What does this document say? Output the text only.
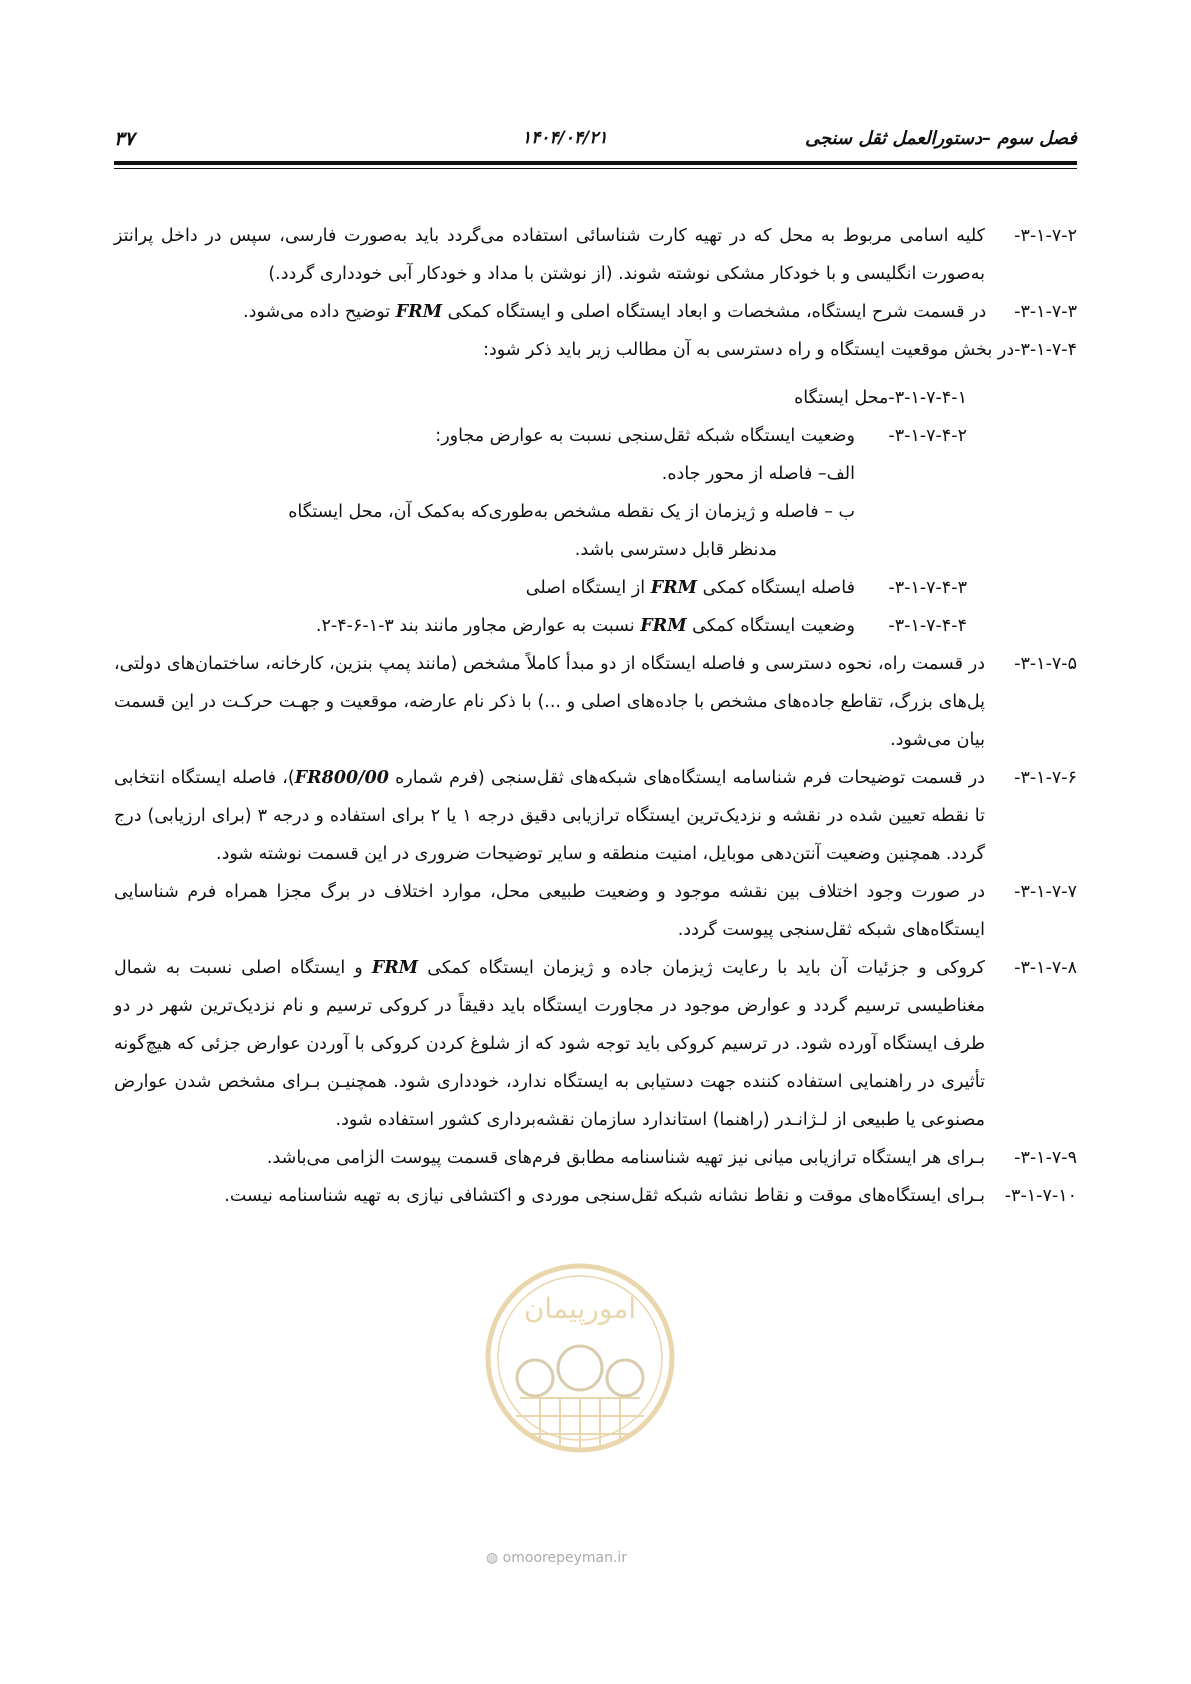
۳۷	۱۴۰۴/۰۴/۲۱	فصل سوم –دستورالعمل ثقل سنجی
۳-۱-۷-۲-
کلیه اسامی مربوط به محل که در تهیه کارت شناسائی استفاده می‌گردد باید به‌صورت فارسی، سپس در داخل پرانتز به‌صورت انگلیسی و با خودکار مشکی نوشته شوند. (از نوشتن با مداد و خودکار آبی خودداری گردد.)
۳-۱-۷-۳-     در قسمت شرح ایستگاه، مشخصات و ابعاد ایستگاه اصلی و ایستگاه کمکی FRM توضیح داده می‌شود.
۳-۱-۷-۴-در بخش موقعیت ایستگاه و راه دسترسی به آن مطالب زیر باید ذکر شود:
۳-۱-۷-۴-۱-محل ایستگاه
۳-۱-۷-۴-۲-
وضعیت ایستگاه شبکه ثقل‌سنجی نسبت به عوارض مجاور:
الف– فاصله از محور جاده.
ب – فاصله و ژیزمان از یک نقطه مشخص به‌طوری‌که به‌کمک آن، محل ایستگاه
مدنظر قابل دسترسی باشد.
۳-۱-۷-۴-۳-
فاصله ایستگاه کمکی FRM از ایستگاه اصلی
۳-۱-۷-۴-۴-
وضعیت ایستگاه کمکی FRM نسبت به عوارض مجاور مانند بند ۳-۱-۶-۴-۲.
۳-۱-۷-۵-
در قسمت راه، نحوه دسترسی و فاصله ایستگاه از دو مبدأ کاملاً مشخص (مانند پمپ بنزین، کارخانه، ساختمان‌های دولتی، پل‌های بزرگ، تقاطع جاده‌های مشخص با جاده‌های اصلی و ...) با ذکر نام عارضه، موقعیت و جهـت حرکـت در این قسمت بیان می‌شود.
۳-۱-۷-۶-
در قسمت توضیحات فرم شناسامه ایستگاه‌های شبکه‌های ثقل‌سنجی (فرم شماره FR800/00)، فاصله ایستگاه انتخابی تا نقطه تعیین شده در نقشه و نزدیک‌ترین ایستگاه ترازیابی دقیق درجه ۱ یا ۲ برای استفاده و درجه ۳ (برای ارزیابی) درج گردد. همچنین وضعیت آنتن‌دهی موبایل، امنیت منطقه و سایر توضیحات ضروری در این قسمت نوشته شود.
۳-۱-۷-۷-
در صورت وجود اختلاف بین نقشه موجود و وضعیت طبیعی محل، موارد اختلاف در برگ مجزا همراه فرم شناسایی ایستگاه‌های شبکه ثقل‌سنجی پیوست گردد.
۳-۱-۷-۸-
کروکی و جزئیات آن باید با رعایت ژیزمان جاده و ژیزمان ایستگاه کمکی FRM و ایستگاه اصلی نسبت به شمال مغناطیسی ترسیم گردد و عوارض موجود در مجاورت ایستگاه باید دقیقاً در کروکی ترسیم و نام نزدیک‌ترین شهر در دو طرف ایستگاه آورده شود. در ترسیم کروکی باید توجه شود که از شلوغ کردن کروکی با آوردن عوارض جزئی که هیچ‌گونه تأثیری در راهنمایی استفاده کننده جهت دستیابی به ایستگاه ندارد، خودداری شود. همچنیـن بـرای مشخص شدن عوارض مصنوعی یا طبیعی از لـژانـدر (راهنما) استاندارد سازمان نقشه‌برداری کشور استفاده شود.
۳-۱-۷-۹-
بـرای هر ایستگاه ترازیابی میانی نیز تهیه شناسنامه مطابق فرم‌های قسمت پیوست الزامی می‌باشد.
۳-۱-۷-۱۰-
بـرای ایستگاه‌های موقت و نقاط نشانه شبکه ثقل‌سنجی موردی و اکتشافی نیازی به تهیه شناسنامه نیست.
امورپیمان
◍ omoorepeyman.ir
